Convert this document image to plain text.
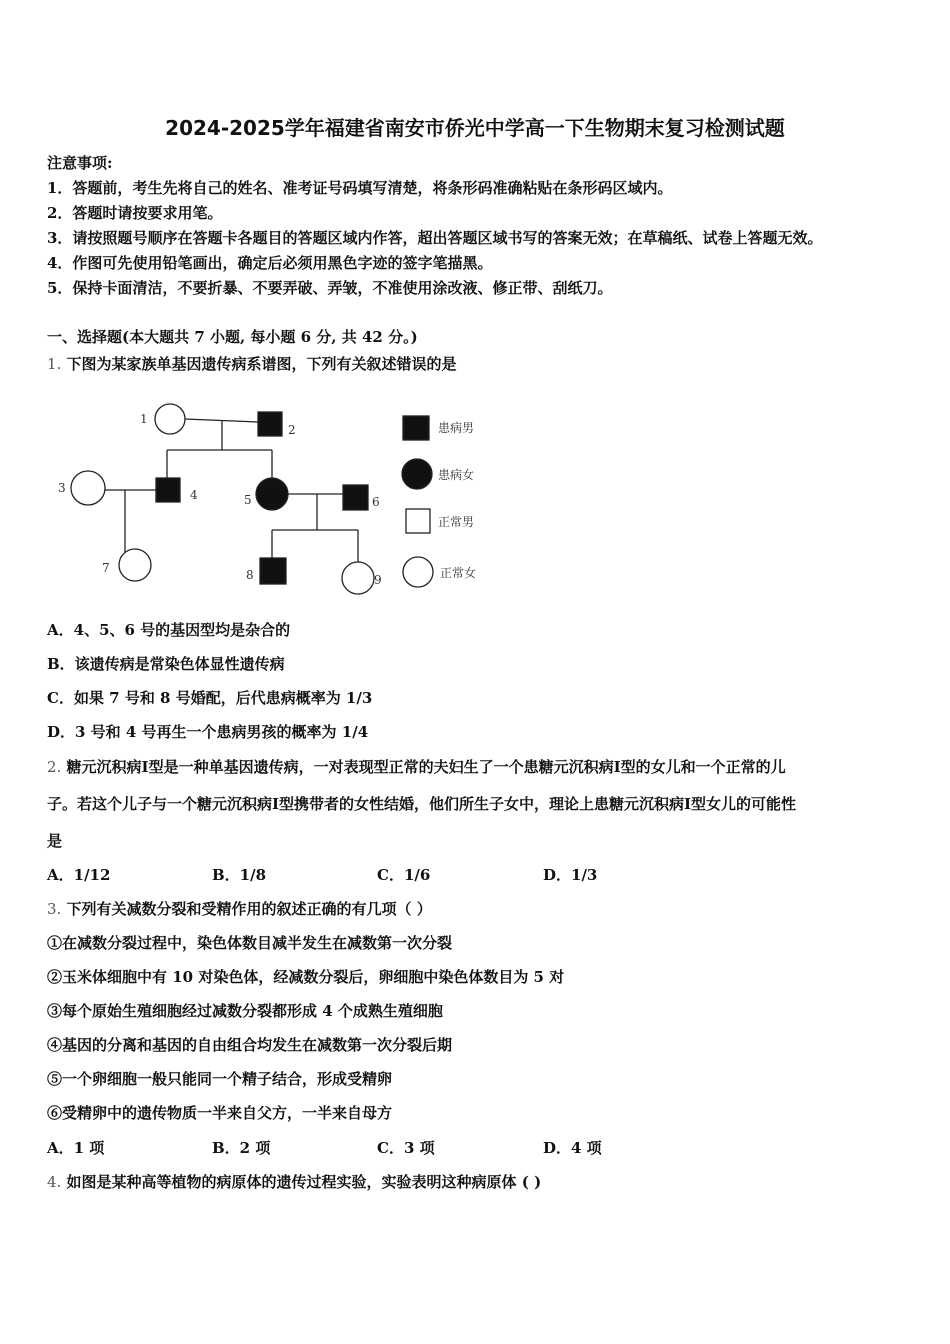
2024-2025学年福建省南安市侨光中学高一下生物期末复习检测试题
注意事项:
1．答题前，考生先将自己的姓名、准考证号码填写清楚，将条形码准确粘贴在条形码区域内。
2．答题时请按要求用笔。
3．请按照题号顺序在答题卡各题目的答题区域内作答，超出答题区域书写的答案无效；在草稿纸、试卷上答题无效。
4．作图可先使用铅笔画出，确定后必须用黑色字迹的签字笔描黑。
5．保持卡面清洁，不要折暴、不要弄破、弄皱，不准使用涂改液、修正带、刮纸刀。
一、选择题(本大题共 7 小题, 每小题 6 分, 共 42 分。)
1. 下图为某家族单基因遗传病系谱图，下列有关叙述错误的是
1
2
3	4	5	6
7	8	9
患病男
患病女
正常男
正常女
A．4、5、6 号的基因型均是杂合的
B．该遗传病是常染色体显性遗传病
C．如果 7 号和 8 号婚配，后代患病概率为 1/3
D．3 号和 4 号再生一个患病男孩的概率为 1/4
2. 糖元沉积病Ⅰ型是一种单基因遗传病，一对表现型正常的夫妇生了一个患糖元沉积病Ⅰ型的女儿和一个正常的儿
子。若这个儿子与一个糖元沉积病Ⅰ型携带者的女性结婚，他们所生子女中，理论上患糖元沉积病Ⅰ型女儿的可能性
是
A．1/12	B．1/8	C．1/6	D．1/3
3. 下列有关减数分裂和受精作用的叙述正确的有几项（ ）
①在减数分裂过程中，染色体数目减半发生在减数第一次分裂
②玉米体细胞中有 10 对染色体，经减数分裂后，卵细胞中染色体数目为 5 对
③每个原始生殖细胞经过减数分裂都形成 4 个成熟生殖细胞
④基因的分离和基因的自由组合均发生在减数第一次分裂后期
⑤一个卵细胞一般只能同一个精子结合，形成受精卵
⑥受精卵中的遗传物质一半来自父方，一半来自母方
A．1 项	B．2 项	C．3 项	D．4 项
4. 如图是某种高等植物的病原体的遗传过程实验，实验表明这种病原体 ( )
